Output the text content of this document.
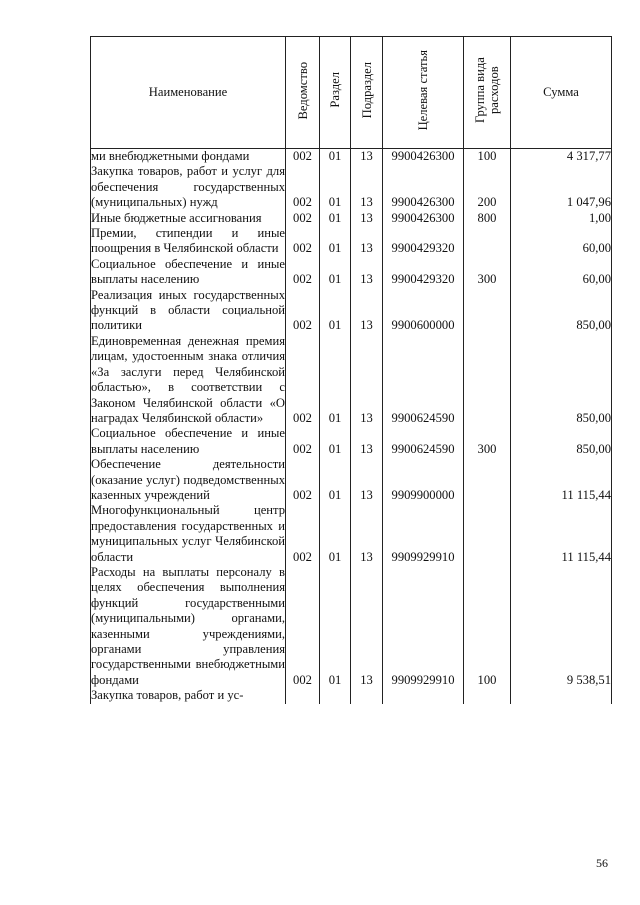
Наименование	Ведомство	Раздел	Подраздел	Целевая статья	Группа вида расходов	Сумма
ми внебюджетными фондами	002	01	13	9900426300	100	4 317,77
Закупка товаров, работ и услуг для обеспечения государственных (муниципальных) нужд	002	01	13	9900426300	200	1 047,96
Иные бюджетные ассигнования	002	01	13	9900426300	800	1,00
Премии, стипендии и иные поощрения в Челябинской области	002	01	13	9900429320		60,00
Социальное обеспечение и иные выплаты населению	002	01	13	9900429320	300	60,00
Реализация иных государственных функций в области социальной политики	002	01	13	9900600000		850,00
Единовременная денежная премия лицам, удостоенным знака отличия «За заслуги перед Челябинской областью», в соответствии с Законом Челябинской области «О наградах Челябинской области»	002	01	13	9900624590		850,00
Социальное обеспечение и иные выплаты населению	002	01	13	9900624590	300	850,00
Обеспечение деятельности (оказание услуг) подведомственных казенных учреждений	002	01	13	9909900000		11 115,44
Многофункциональный центр предоставления государственных и муниципальных услуг Челябинской области	002	01	13	9909929910		11 115,44
Расходы на выплаты персоналу в целях обеспечения выполнения функций государственными (муниципальными) органами, казенными учреждениями, органами управления государственными внебюджетными фондами	002	01	13	9909929910	100	9 538,51
Закупка товаров, работ и ус-						
56
